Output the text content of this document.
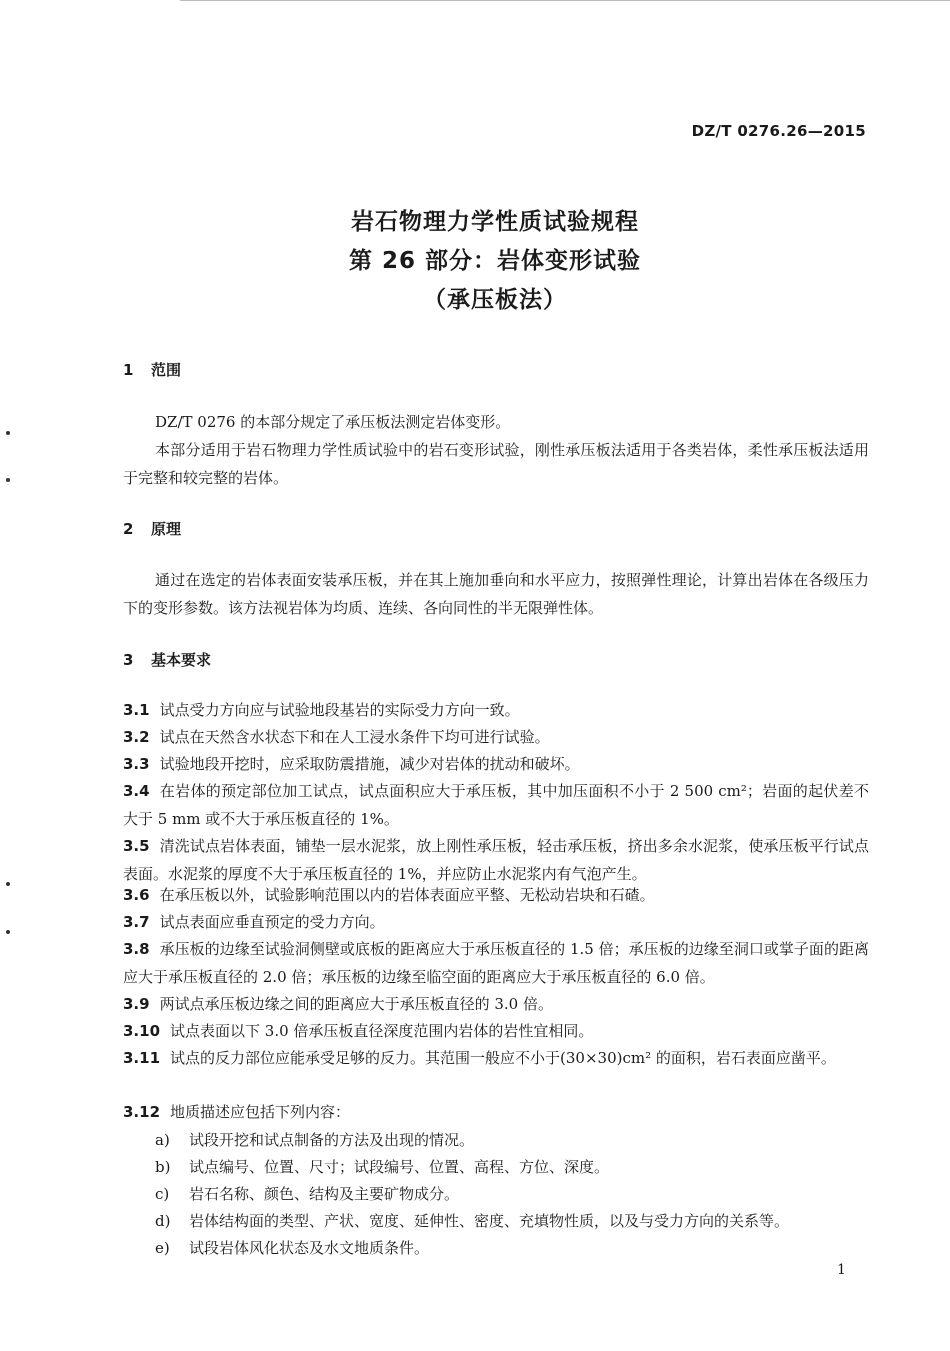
DZ/T 0276.26—2015
岩石物理力学性质试验规程
第 26 部分：岩体变形试验
（承压板法）
1 范围
DZ/T 0276 的本部分规定了承压板法测定岩体变形。
本部分适用于岩石物理力学性质试验中的岩石变形试验，刚性承压板法适用于各类岩体，柔性承压板法适用于完整和较完整的岩体。
2 原理
通过在选定的岩体表面安装承压板，并在其上施加垂向和水平应力，按照弹性理论，计算出岩体在各级压力下的变形参数。该方法视岩体为均质、连续、各向同性的半无限弹性体。
3 基本要求
3.1 试点受力方向应与试验地段基岩的实际受力方向一致。
3.2 试点在天然含水状态下和在人工浸水条件下均可进行试验。
3.3 试验地段开挖时，应采取防震措施，减少对岩体的扰动和破坏。
3.4 在岩体的预定部位加工试点，试点面积应大于承压板，其中加压面积不小于 2 500 cm²；岩面的起伏差不大于 5 mm 或不大于承压板直径的 1%。
3.5 清洗试点岩体表面，铺垫一层水泥浆，放上刚性承压板，轻击承压板，挤出多余水泥浆，使承压板平行试点表面。水泥浆的厚度不大于承压板直径的 1%，并应防止水泥浆内有气泡产生。
3.6 在承压板以外，试验影响范围以内的岩体表面应平整、无松动岩块和石碴。
3.7 试点表面应垂直预定的受力方向。
3.8 承压板的边缘至试验洞侧壁或底板的距离应大于承压板直径的 1.5 倍；承压板的边缘至洞口或掌子面的距离应大于承压板直径的 2.0 倍；承压板的边缘至临空面的距离应大于承压板直径的 6.0 倍。
3.9 两试点承压板边缘之间的距离应大于承压板直径的 3.0 倍。
3.10 试点表面以下 3.0 倍承压板直径深度范围内岩体的岩性宜相同。
3.11 试点的反力部位应能承受足够的反力。其范围一般应不小于(30×30)cm² 的面积，岩石表面应凿平。
3.12 地质描述应包括下列内容：
a) 试段开挖和试点制备的方法及出现的情况。
b) 试点编号、位置、尺寸；试段编号、位置、高程、方位、深度。
c) 岩石名称、颜色、结构及主要矿物成分。
d) 岩体结构面的类型、产状、宽度、延伸性、密度、充填物性质，以及与受力方向的关系等。
e) 试段岩体风化状态及水文地质条件。
1
